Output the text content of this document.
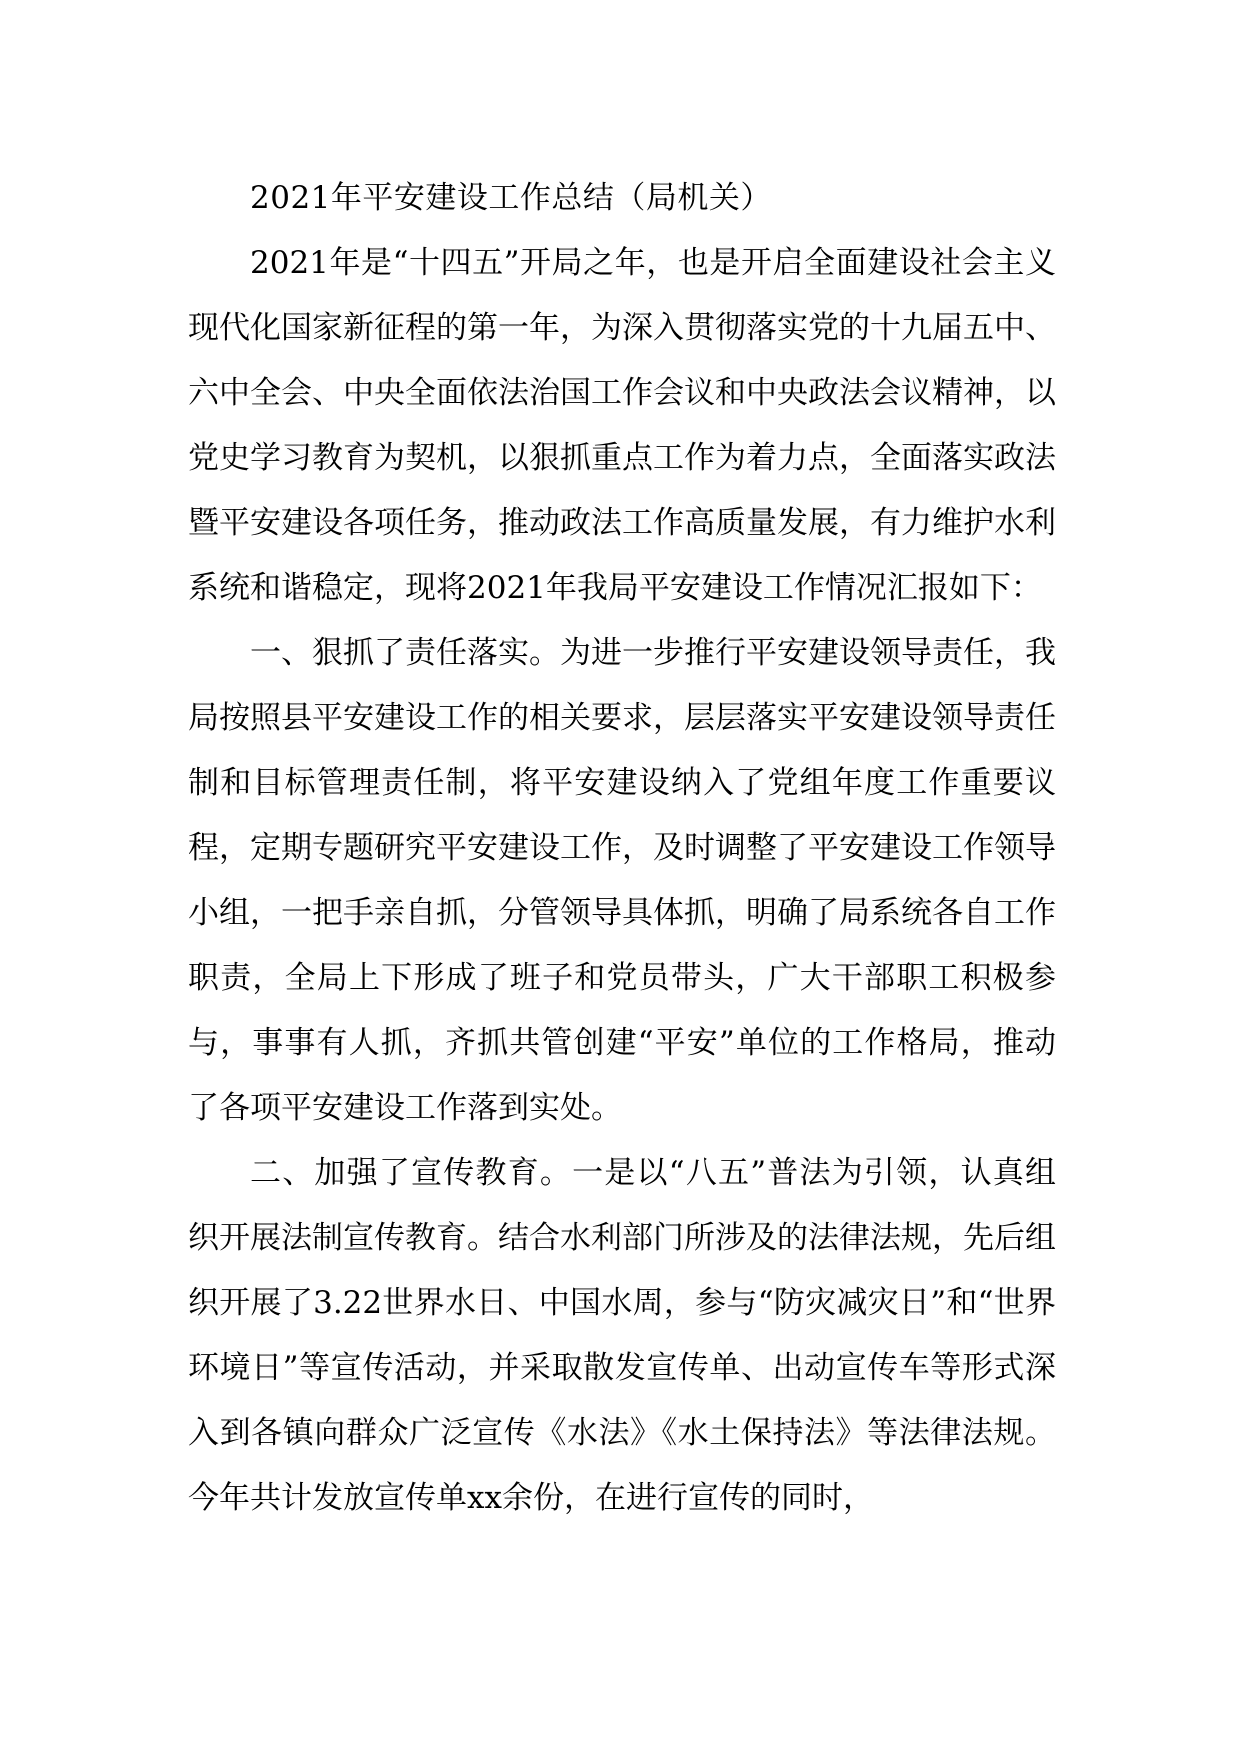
2021年平安建设工作总结（局机关）

2021年是“十四五”开局之年，也是开启全面建设社会主义现代化国家新征程的第一年，为深入贯彻落实党的十九届五中、六中全会、中央全面依法治国工作会议和中央政法会议精神，以党史学习教育为契机，以狠抓重点工作为着力点，全面落实政法暨平安建设各项任务，推动政法工作高质量发展，有力维护水利系统和谐稳定，现将2021年我局平安建设工作情况汇报如下：

一、狠抓了责任落实。为进一步推行平安建设领导责任，我局按照县平安建设工作的相关要求，层层落实平安建设领导责任制和目标管理责任制，将平安建设纳入了党组年度工作重要议程，定期专题研究平安建设工作，及时调整了平安建设工作领导小组，一把手亲自抓，分管领导具体抓，明确了局系统各自工作职责，全局上下形成了班子和党员带头，广大干部职工积极参与，事事有人抓，齐抓共管创建“平安”单位的工作格局，推动了各项平安建设工作落到实处。

二、加强了宣传教育。一是以“八五”普法为引领，认真组织开展法制宣传教育。结合水利部门所涉及的法律法规，先后组织开展了3.22世界水日、中国水周，参与“防灾减灾日”和“世界环境日”等宣传活动，并采取散发宣传单、出动宣传车等形式深入到各镇向群众广泛宣传《水法》《水土保持法》等法律法规。今年共计发放宣传单xx余份，在进行宣传的同时，
